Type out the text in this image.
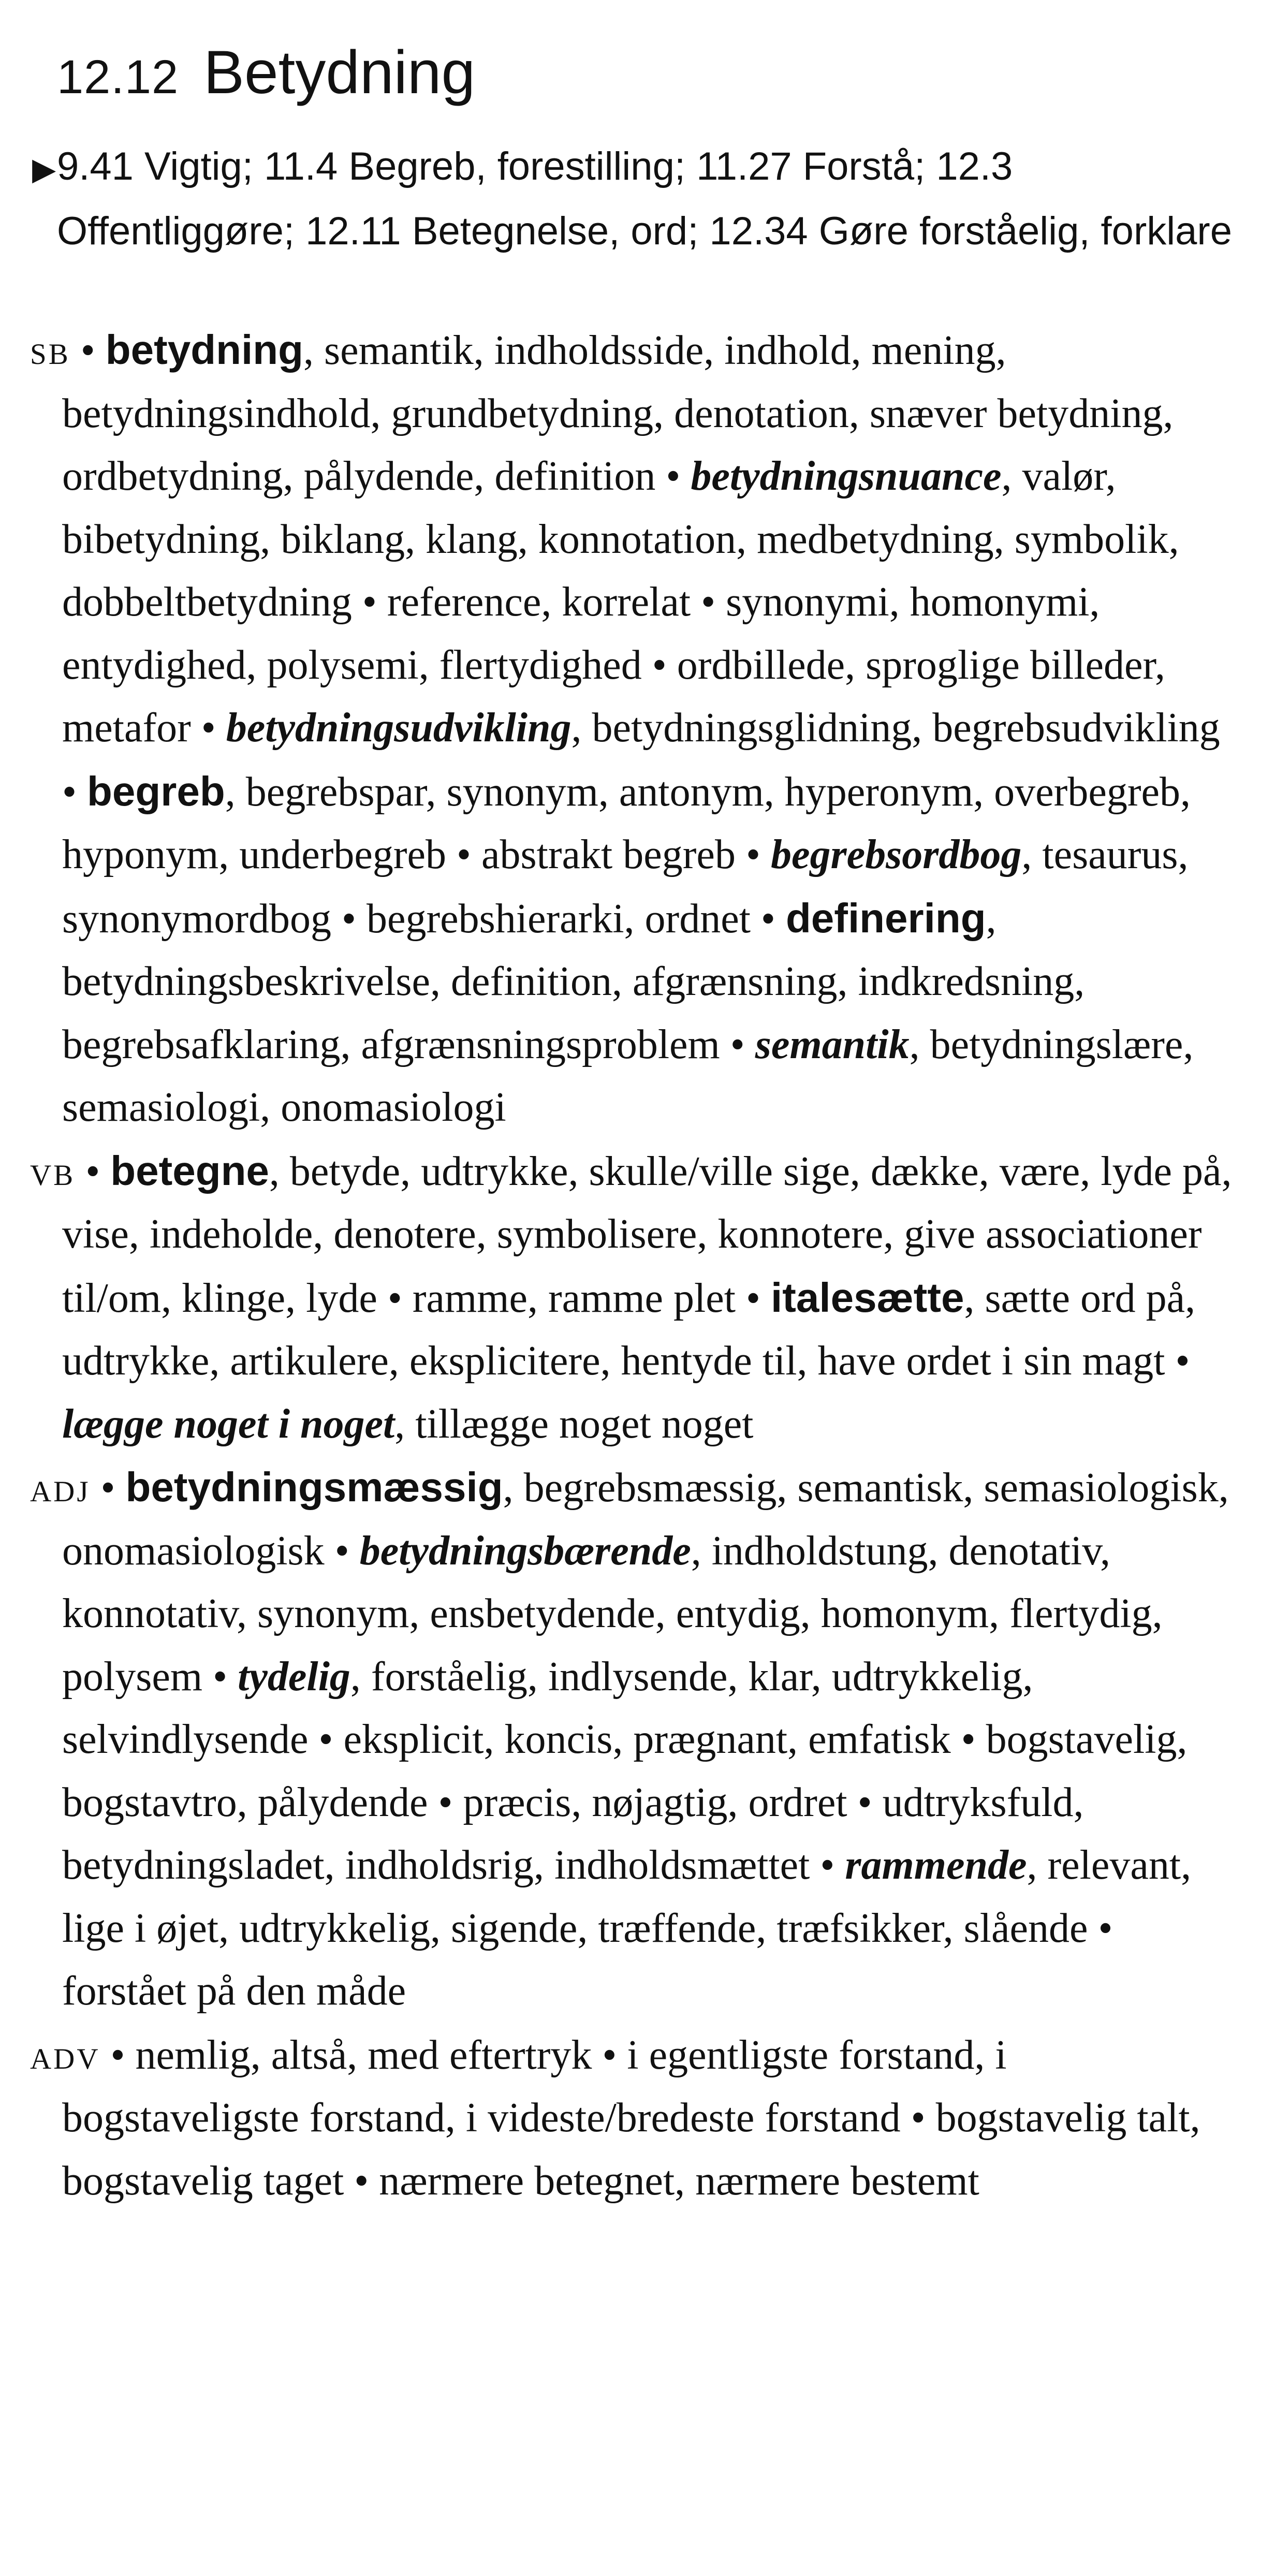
12.12 Betydning
▶9.41 Vigtig; 11.4 Begreb, forestilling; 11.27 Forstå; 12.3 Offentliggøre; 12.11 Betegnelse, ord; 12.34 Gøre forståelig, forklare

sb • betydning, semantik, indholdsside, indhold, mening, betydningsindhold, grundbetydning, denotation, snæver betydning, ordbetydning, pålydende, definition • betydningsnuance, valør, bibetydning, biklang, klang, konnotation, medbetydning, symbolik, dobbeltbetydning • reference, korrelat • synonymi, homonymi, entydighed, polysemi, flertydighed • ordbillede, sproglige billeder, metafor • betydningsudvikling, betydningsglidning, begrebsudvikling • begreb, begrebspar, synonym, antonym, hyperonym, overbegreb, hyponym, underbegreb • abstrakt begreb • begrebsordbog, tesaurus, synonymordbog • begrebshierarki, ordnet • definering, betydningsbeskrivelse, definition, afgrænsning, indkredsning, begrebsafklaring, afgrænsningsproblem • semantik, betydningslære, semasiologi, onomasiologi

vb • betegne, betyde, udtrykke, skulle/ville sige, dække, være, lyde på, vise, indeholde, denotere, symbolisere, konnotere, give associationer til/om, klinge, lyde • ramme, ramme plet • italesætte, sætte ord på, udtrykke, artikulere, eksplicitere, hentyde til, have ordet i sin magt • lægge noget i noget, tillægge noget noget

adj • betydningsmæssig, begrebsmæssig, semantisk, semasiologisk, onomasiologisk • betydningsbærende, indholdstung, denotativ, konnotativ, synonym, ensbetydende, entydig, homonym, flertydig, polysem • tydelig, forståelig, indlysende, klar, udtrykkelig, selvindlysende • eksplicit, koncis, prægnant, emfatisk • bogstavelig, bogstavtro, pålydende • præcis, nøjagtig, ordret • udtryksfuld, betydningsladet, indholdsrig, indholdsmættet • rammende, relevant, lige i øjet, udtrykkelig, sigende, træffende, træfsikker, slående • forstået på den måde

adv • nemlig, altså, med eftertryk • i egentligste forstand, i bogstaveligste forstand, i videste/bredeste forstand • bogstavelig talt, bogstavelig taget • nærmere betegnet, nærmere bestemt
